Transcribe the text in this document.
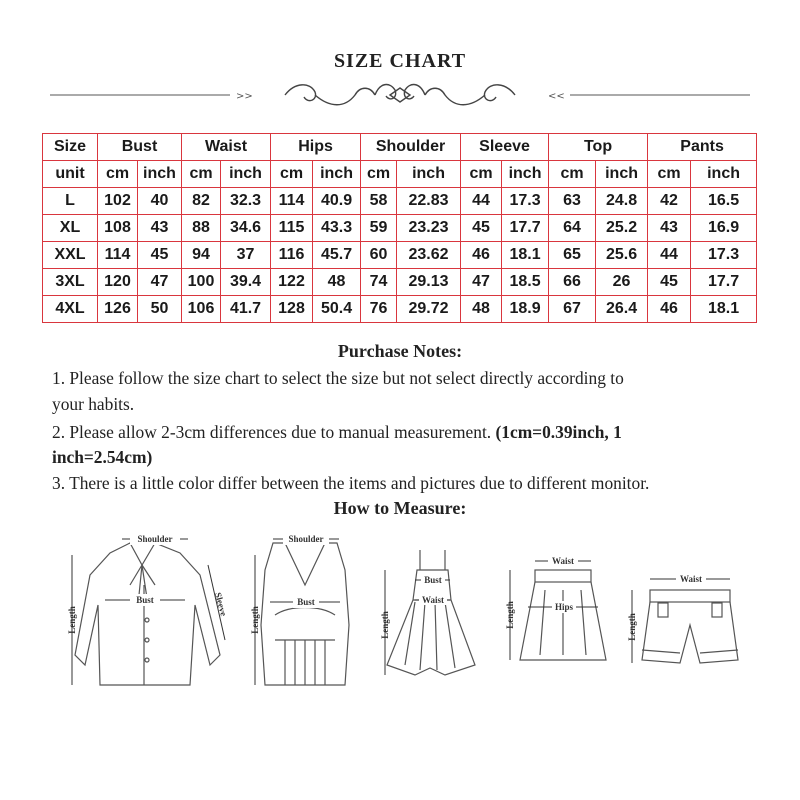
SIZE CHART
>>	<<
Size	Bust		Waist		Hips		Shoulder		Sleeve		Top		Pants	
unit	cm	inch	cm	inch	cm	inch	cm	inch	cm	inch	cm	inch	cm	inch
L	102	40	82	32.3	114	40.9	58	22.83	44	17.3	63	24.8	42	16.5
XL	108	43	88	34.6	115	43.3	59	23.23	45	17.7	64	25.2	43	16.9
XXL	114	45	94	37	116	45.7	60	23.62	46	18.1	65	25.6	44	17.3
3XL	120	47	100	39.4	122	48	74	29.13	47	18.5	66	26	45	17.7
4XL	126	50	106	41.7	128	50.4	76	29.72	48	18.9	67	26.4	46	18.1
Purchase Notes:
1. Please follow the size chart to select the size but not select directly according to
your habits.
2. Please allow 2-3cm differences due to manual measurement. (1cm=0.39inch, 1
inch=2.54cm)
3. There is a little color differ between the items and pictures due to different monitor.
How to Measure:
Shoulder
Bust
Length
Sleeve
Shoulder
Bust
Length
Bust
Waist
Length
Waist
Hips
Length
Waist
Length
